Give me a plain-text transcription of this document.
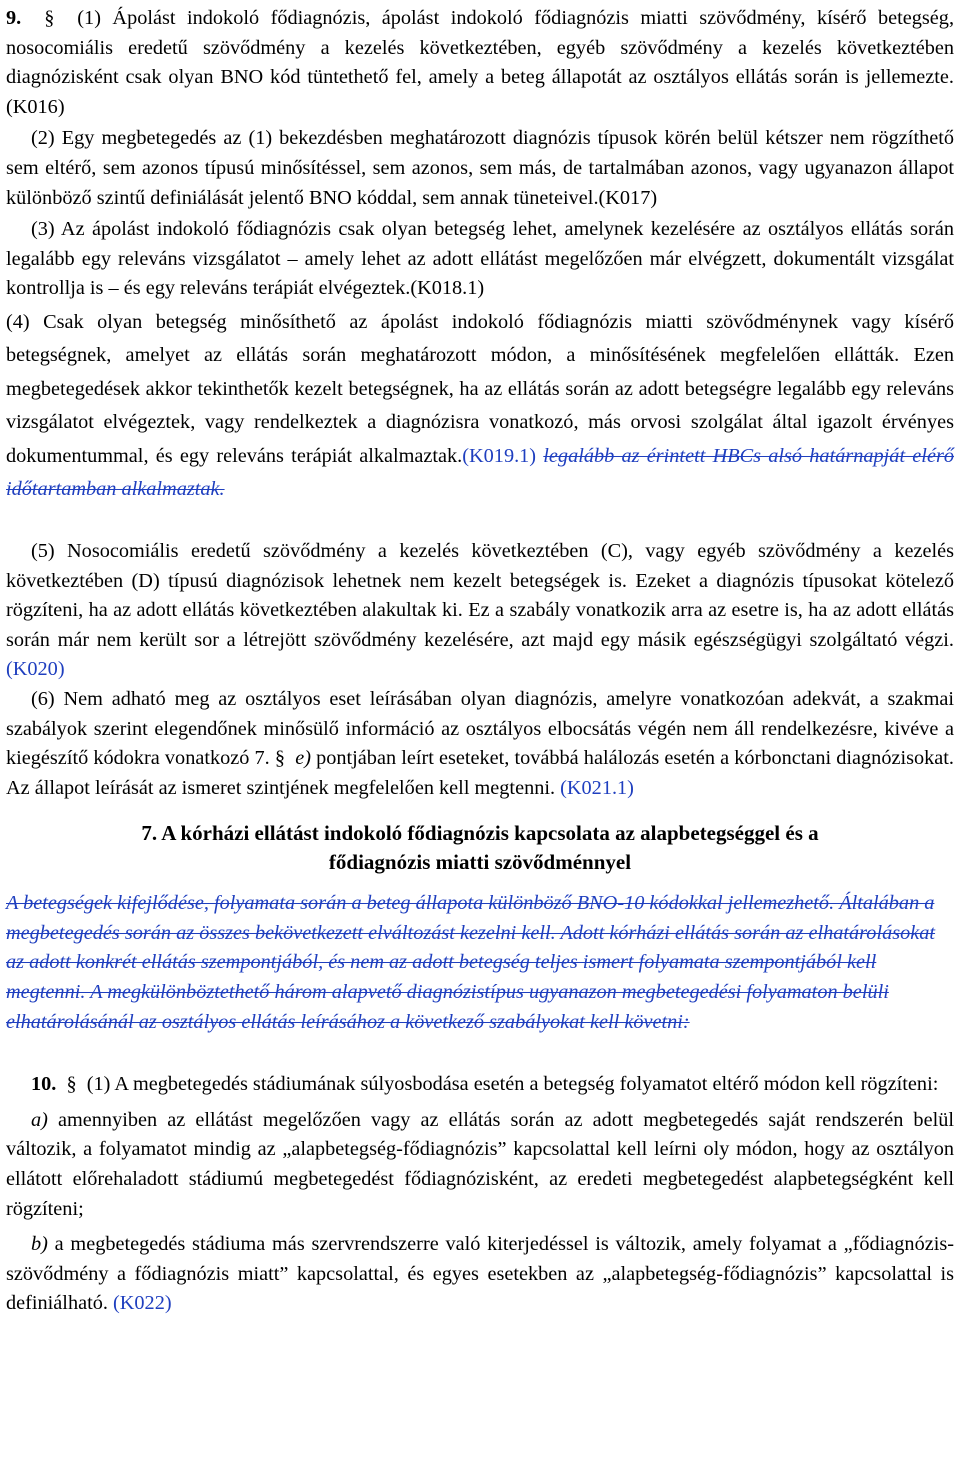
9. § (1) Ápolást indokoló fődiagnózis, ápolást indokoló fődiagnózis miatti szövődmény, kísérő betegség, nosocomiális eredetű szövődmény a kezelés következtében, egyéb szövődmény a kezelés következtében diagnózisként csak olyan BNO kód tüntethető fel, amely a beteg állapotát az osztályos ellátás során is jellemezte.(K016)

(2) Egy megbetegedés az (1) bekezdésben meghatározott diagnózis típusok körén belül kétszer nem rögzíthető sem eltérő, sem azonos típusú minősítéssel, sem azonos, sem más, de tartalmában azonos, vagy ugyanazon állapot különböző szintű definiálását jelentő BNO kóddal, sem annak tüneteivel.(K017)

(3) Az ápolást indokoló fődiagnózis csak olyan betegség lehet, amelynek kezelésére az osztályos ellátás során legalább egy releváns vizsgálatot – amely lehet az adott ellátást megelőzően már elvégzett, dokumentált vizsgálat kontrollja is – és egy releváns terápiát elvégeztek.(K018.1)

(4) Csak olyan betegség minősíthető az ápolást indokoló fődiagnózis miatti szövődménynek vagy kísérő betegségnek, amelyet az ellátás során meghatározott módon, a minősítésének megfelelően ellátták. Ezen megbetegedések akkor tekinthetők kezelt betegségnek, ha az ellátás során az adott betegségre legalább egy releváns vizsgálatot elvégeztek, vagy rendelkeztek a diagnózisra vonatkozó, más orvosi szolgálat által igazolt érvényes dokumentummal, és egy releváns terápiát alkalmaztak.(K019.1) legalább az érintett HBCs alsó határnapját elérő időtartamban alkalmaztak.

(5) Nosocomiális eredetű szövődmény a kezelés következtében (C), vagy egyéb szövődmény a kezelés következtében (D) típusú diagnózisok lehetnek nem kezelt betegségek is. Ezeket a diagnózis típusokat kötelező rögzíteni, ha az adott ellátás következtében alakultak ki. Ez a szabály vonatkozik arra az esetre is, ha az adott ellátás során már nem került sor a létrejött szövődmény kezelésére, azt majd egy másik egészségügyi szolgáltató végzi. (K020)

(6) Nem adható meg az osztályos eset leírásában olyan diagnózis, amelyre vonatkozóan adekvát, a szakmai szabályok szerint elegendőnek minősülő információ az osztályos elbocsátás végén nem áll rendelkezésre, kivéve a kiegészítő kódokra vonatkozó 7. § e) pontjában leírt eseteket, továbbá halálozás esetén a kórbonctani diagnózisokat. Az állapot leírását az ismeret szintjének megfelelően kell megtenni. (K021.1)

7. A kórházi ellátást indokoló fődiagnózis kapcsolata az alapbetegséggel és a
fődiagnózis miatti szövődménnyel

A betegségek kifejlődése, folyamata során a beteg állapota különböző BNO-10 kódokkal jellemezhető. Általában a megbetegedés során az összes bekövetkezett elváltozást kezelni kell. Adott kórházi ellátás során az elhatárolásokat az adott konkrét ellátás szempontjából, és nem az adott betegség teljes ismert folyamata szempontjából kell megtenni. A megkülönböztethető három alapvető diagnózistípus ugyanazon megbetegedési folyamaton belüli elhatárolásánál az osztályos ellátás leírásához a következő szabályokat kell követni:

10. § (1) A megbetegedés stádiumának súlyosbodása esetén a betegség folyamatot eltérő módon kell rögzíteni:

a) amennyiben az ellátást megelőzően vagy az ellátás során az adott megbetegedés saját rendszerén belül változik, a folyamatot mindig az „alapbetegség-fődiagnózis” kapcsolattal kell leírni oly módon, hogy az osztályon ellátott előrehaladott stádiumú megbetegedést fődiagnózisként, az eredeti megbetegedést alapbetegségként kell rögzíteni;

b) a megbetegedés stádiuma más szervrendszerre való kiterjedéssel is változik, amely folyamat a „fődiagnózis-szövődmény a fődiagnózis miatt” kapcsolattal, és egyes esetekben az „alapbetegség-fődiagnózis” kapcsolattal is definiálható. (K022)
